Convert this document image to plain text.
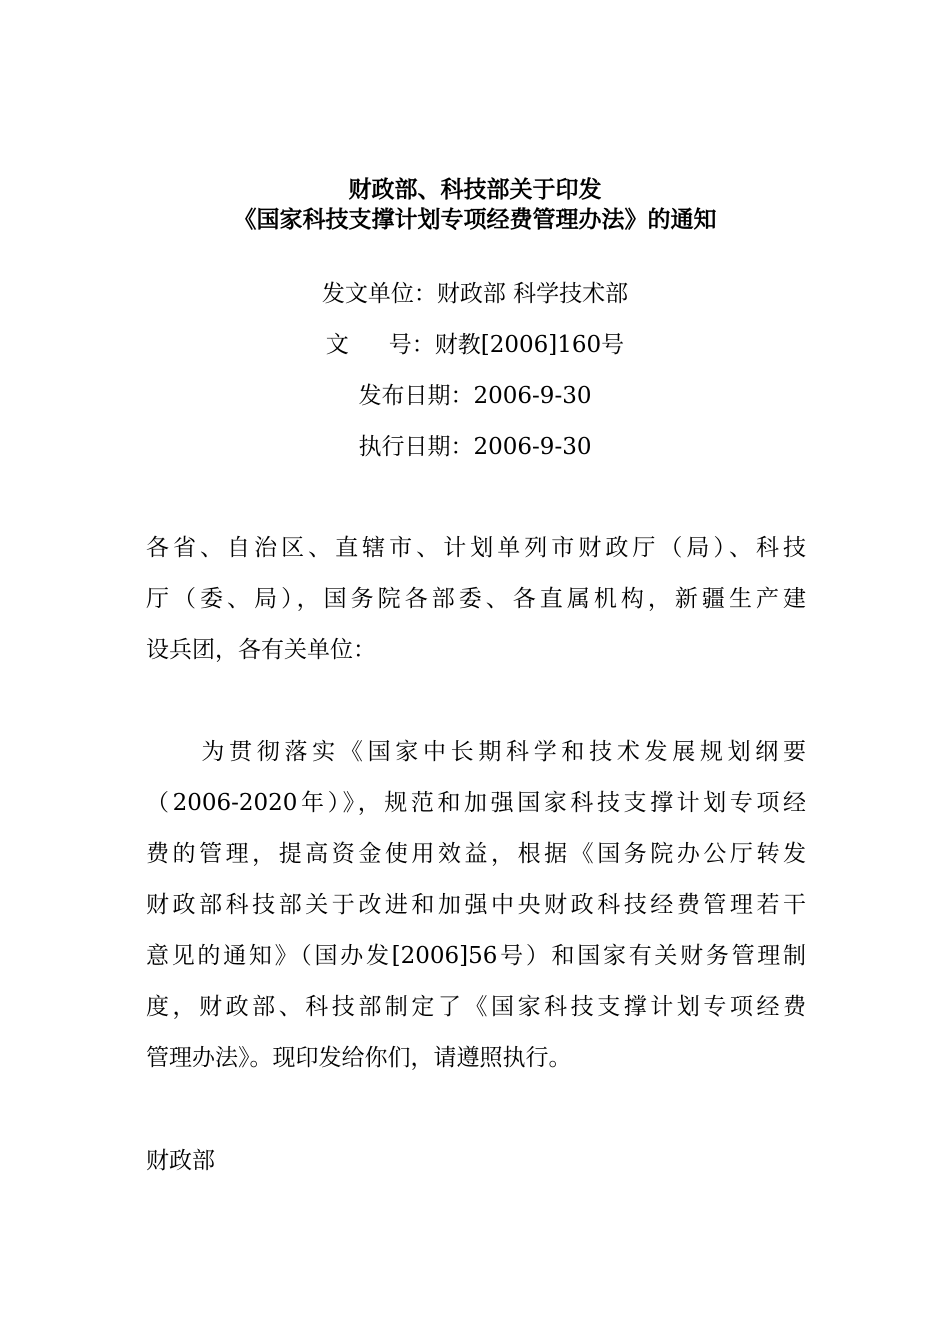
财政部、科技部关于印发
《国家科技支撑计划专项经费管理办法》的通知
发文单位：财政部 科学技术部
文 号：财教[2006]160号
发布日期：2006-9-30
执行日期：2006-9-30
各省、自治区、直辖市、计划单列市财政厅（局）、科技
厅（委、局），国务院各部委、各直属机构，新疆生产建
设兵团，各有关单位：
　　为贯彻落实《国家中长期科学和技术发展规划纲要
（2006-2020年）》，规范和加强国家科技支撑计划专项经
费的管理，提高资金使用效益，根据《国务院办公厅转发
财政部科技部关于改进和加强中央财政科技经费管理若干
意见的通知》（国办发[2006]56号）和国家有关财务管理制
度，财政部、科技部制定了《国家科技支撑计划专项经费
管理办法》。现印发给你们，请遵照执行。
财政部
